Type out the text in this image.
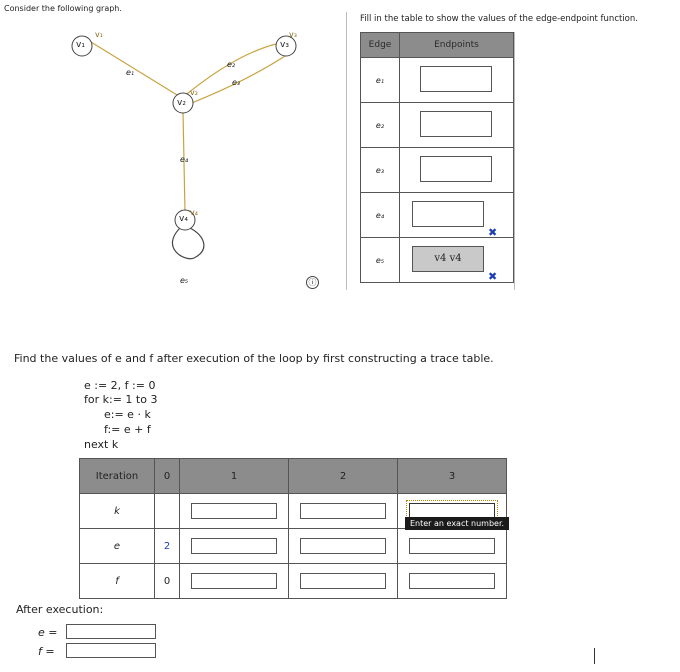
Consider the following graph.
v₁
v₂
v₃
v₄
e₁
e₂
e₃
e₄
e₅
v₁
v₂
v₃
v₄
ⓘ
Fill in the table to show the values of the edge-endpoint function.
Edge	Endpoints
e₁	

e₂	

e₃	

e₄	

e₅	v4 v4
✖
✖
Find the values of e and f after execution of the loop by first constructing a trace table.
e := 2, f := 0
for k:= 1 to 3
e:= e · k
f:= e + f
next k
Iteration	0	1	2	3
k				
e	2			
f	0			
Enter an exact number.
After execution:
e =
f =
